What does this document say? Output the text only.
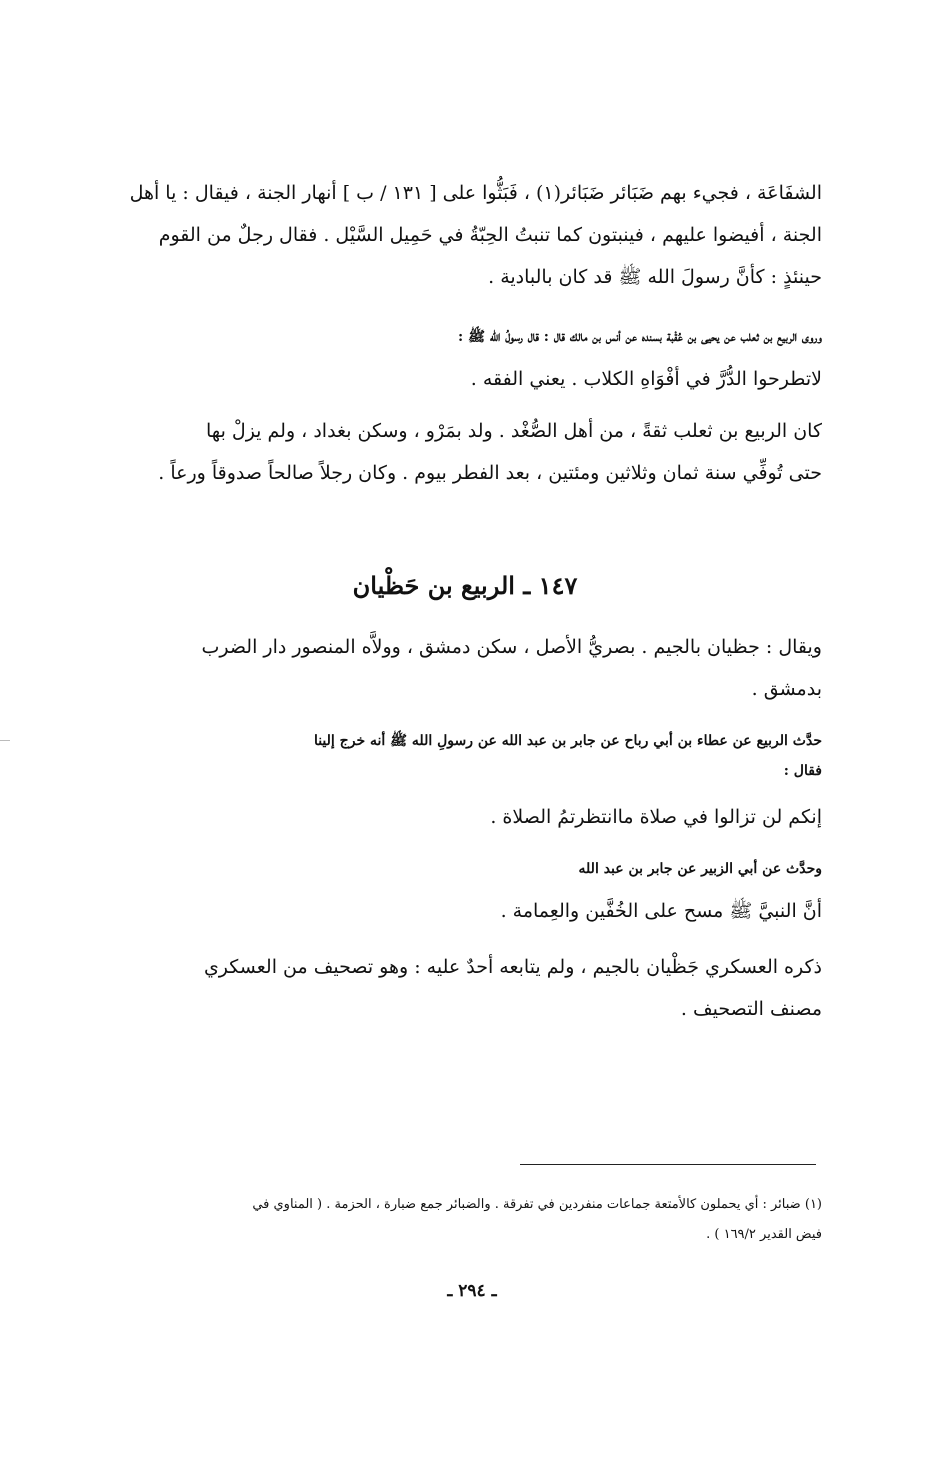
الشفَاعَة ، فجيء بهم ضَبَائر ضَبَائر(١) ، فَبَثُّوا على [ ١٣١ / ب ] أنهار الجنة ، فيقال : يا أهل
الجنة ، أفيضوا عليهم ، فينبتون كما تنبتُ الحِبّةُ في حَمِيل السَّيْل . فقال رجلٌ من القوم
حينئذٍ : كأنَّ رسولَ الله ﷺ قد كان بالبادية .
وروى الربيع بن ثعلب عن يحيى بن عُقْبة بسنده عن أنس بن مالك قال : قال رسولُ الله ﷺ :
لاتطرحوا الدُّرَّ في أفْوَاهِ الكلاب . يعني الفقه .
كان الربيع بن ثعلب ثقةً ، من أهل الصُّغْد . ولد بمَرْو ، وسكن بغداد ، ولم يزلْ بها
حتى تُوفِّي سنة ثمان وثلاثين ومئتين ، بعد الفطر بيوم . وكان رجلاً صالحاً صدوقاً ورعاً .
١٤٧ ـ الربيع بن حَظْيان
ويقال : جظيان بالجيم . بصريُّ الأصل ، سكن دمشق ، وولاَّه المنصور دار الضرب
بدمشق .
حدَّث الربيع عن عطاء بن أبي رباح عن جابر بن عبد الله عن رسولِ الله ﷺ أنه خرج إلينا
فقال :
إنكم لن تزالوا في صلاة ماانتظرتمُ الصلاة .
وحدَّث عن أبي الزبير عن جابر بن عبد الله
أنَّ النبيَّ ﷺ مسح على الخُفَّين والعِمامة .
ذكره العسكري جَظْيان بالجيم ، ولم يتابعه أحدٌ عليه : وهو تصحيف من العسكري
مصنف التصحيف .
(١) ضبائر : أي يحملون كالأمتعة جماعات منفردين في تفرقة . والضبائر جمع ضبارة ، الحزمة . ( المناوي في
فيض القدير ١٦٩/٢ ) .
ـ ٢٩٤ ـ
